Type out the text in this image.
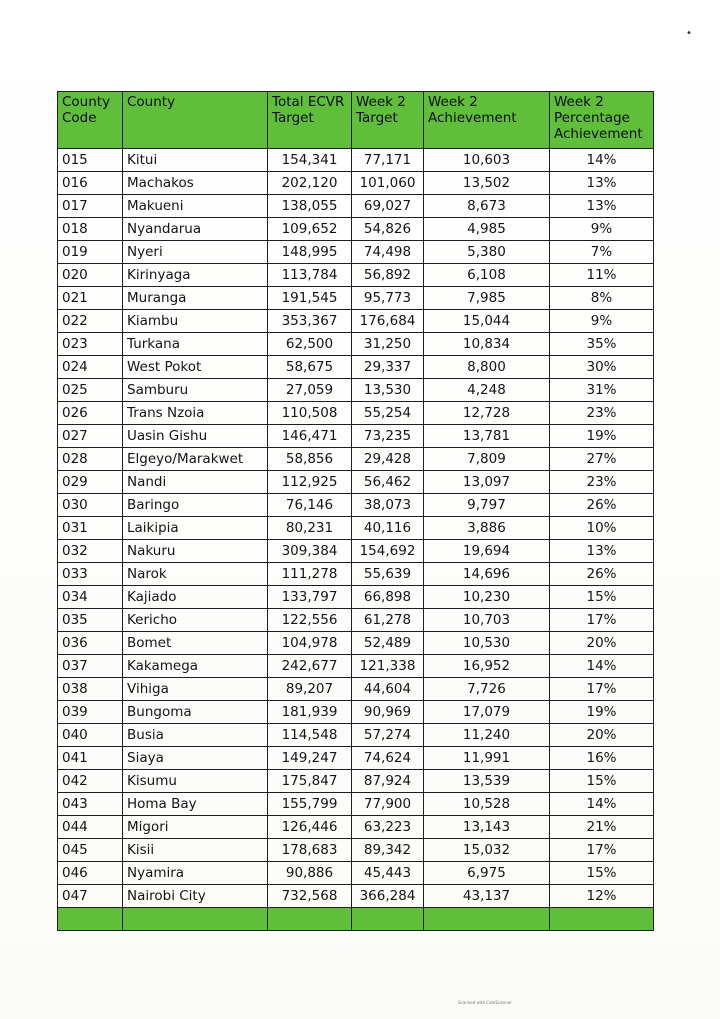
•
County Code	County	Total ECVR Target	Week 2 Target	Week 2 Achievement	Week 2 Percentage Achievement
015	Kitui	154,341	77,171	10,603	14%
016	Machakos	202,120	101,060	13,502	13%
017	Makueni	138,055	69,027	8,673	13%
018	Nyandarua	109,652	54,826	4,985	9%
019	Nyeri	148,995	74,498	5,380	7%
020	Kirinyaga	113,784	56,892	6,108	11%
021	Muranga	191,545	95,773	7,985	8%
022	Kiambu	353,367	176,684	15,044	9%
023	Turkana	62,500	31,250	10,834	35%
024	West Pokot	58,675	29,337	8,800	30%
025	Samburu	27,059	13,530	4,248	31%
026	Trans Nzoia	110,508	55,254	12,728	23%
027	Uasin Gishu	146,471	73,235	13,781	19%
028	Elgeyo/Marakwet	58,856	29,428	7,809	27%
029	Nandi	112,925	56,462	13,097	23%
030	Baringo	76,146	38,073	9,797	26%
031	Laikipia	80,231	40,116	3,886	10%
032	Nakuru	309,384	154,692	19,694	13%
033	Narok	111,278	55,639	14,696	26%
034	Kajiado	133,797	66,898	10,230	15%
035	Kericho	122,556	61,278	10,703	17%
036	Bomet	104,978	52,489	10,530	20%
037	Kakamega	242,677	121,338	16,952	14%
038	Vihiga	89,207	44,604	7,726	17%
039	Bungoma	181,939	90,969	17,079	19%
040	Busia	114,548	57,274	11,240	20%
041	Siaya	149,247	74,624	11,991	16%
042	Kisumu	175,847	87,924	13,539	15%
043	Homa Bay	155,799	77,900	10,528	14%
044	Migori	126,446	63,223	13,143	21%
045	Kisii	178,683	89,342	15,032	17%
046	Nyamira	90,886	45,443	6,975	15%
047	Nairobi City	732,568	366,284	43,137	12%

Scanned with CamScanner
